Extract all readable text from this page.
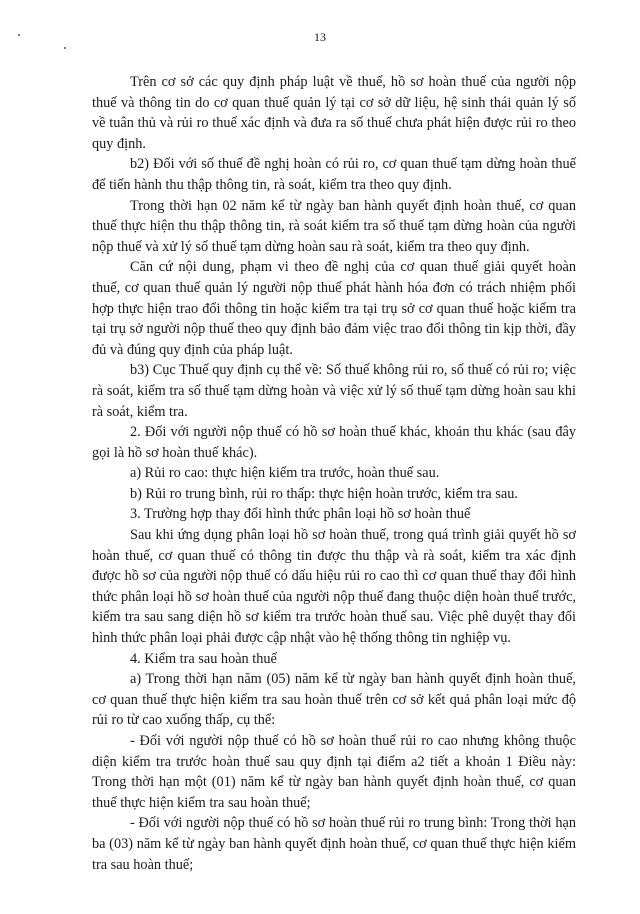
13

Trên cơ sở các quy định pháp luật về thuế, hồ sơ hoàn thuế của người nộp thuế và thông tin do cơ quan thuế quản lý tại cơ sở dữ liệu, hệ sinh thái quản lý số về tuân thủ và rủi ro thuế xác định và đưa ra số thuế chưa phát hiện được rủi ro theo quy định.

b2) Đối với số thuế đề nghị hoàn có rủi ro, cơ quan thuế tạm dừng hoàn thuế để tiến hành thu thập thông tin, rà soát, kiểm tra theo quy định.

Trong thời hạn 02 năm kể từ ngày ban hành quyết định hoàn thuế, cơ quan thuế thực hiện thu thập thông tin, rà soát kiểm tra số thuế tạm dừng hoàn của người nộp thuế và xử lý số thuế tạm dừng hoàn sau rà soát, kiểm tra theo quy định.

Căn cứ nội dung, phạm vi theo đề nghị của cơ quan thuế giải quyết hoàn thuế, cơ quan thuế quản lý người nộp thuế phát hành hóa đơn có trách nhiệm phối hợp thực hiện trao đổi thông tin hoặc kiểm tra tại trụ sở cơ quan thuế hoặc kiểm tra tại trụ sở người nộp thuế theo quy định bảo đảm việc trao đổi thông tin kịp thời, đầy đủ và đúng quy định của pháp luật.

b3) Cục Thuế quy định cụ thể về: Số thuế không rủi ro, số thuế có rủi ro; việc rà soát, kiểm tra số thuế tạm dừng hoàn và việc xử lý số thuế tạm dừng hoàn sau khi rà soát, kiểm tra.

2. Đối với người nộp thuế có hồ sơ hoàn thuế khác, khoản thu khác (sau đây gọi là hồ sơ hoàn thuế khác).

a) Rủi ro cao: thực hiện kiểm tra trước, hoàn thuế sau.

b) Rủi ro trung bình, rủi ro thấp: thực hiện hoàn trước, kiểm tra sau.

3. Trường hợp thay đổi hình thức phân loại hồ sơ hoàn thuế

Sau khi ứng dụng phân loại hồ sơ hoàn thuế, trong quá trình giải quyết hồ sơ hoàn thuế, cơ quan thuế có thông tin được thu thập và rà soát, kiểm tra xác định được hồ sơ của người nộp thuế có dấu hiệu rủi ro cao thì cơ quan thuế thay đổi hình thức phân loại hồ sơ hoàn thuế của người nộp thuế đang thuộc diện hoàn thuế trước, kiểm tra sau sang diện hồ sơ kiểm tra trước hoàn thuế sau. Việc phê duyệt thay đổi hình thức phân loại phải được cập nhật vào hệ thống thông tin nghiệp vụ.

4. Kiểm tra sau hoàn thuế

a) Trong thời hạn năm (05) năm kể từ ngày ban hành quyết định hoàn thuế, cơ quan thuế thực hiện kiểm tra sau hoàn thuế trên cơ sở kết quả phân loại mức độ rủi ro từ cao xuống thấp, cụ thể:

- Đối với người nộp thuế có hồ sơ hoàn thuế rủi ro cao nhưng không thuộc diện kiểm tra trước hoàn thuế sau quy định tại điểm a2 tiết a khoản 1 Điều này: Trong thời hạn một (01) năm kể từ ngày ban hành quyết định hoàn thuế, cơ quan thuế thực hiện kiểm tra sau hoàn thuế;

- Đối với người nộp thuế có hồ sơ hoàn thuế rủi ro trung bình: Trong thời hạn ba (03) năm kể từ ngày ban hành quyết định hoàn thuế, cơ quan thuế thực hiện kiểm tra sau hoàn thuế;
